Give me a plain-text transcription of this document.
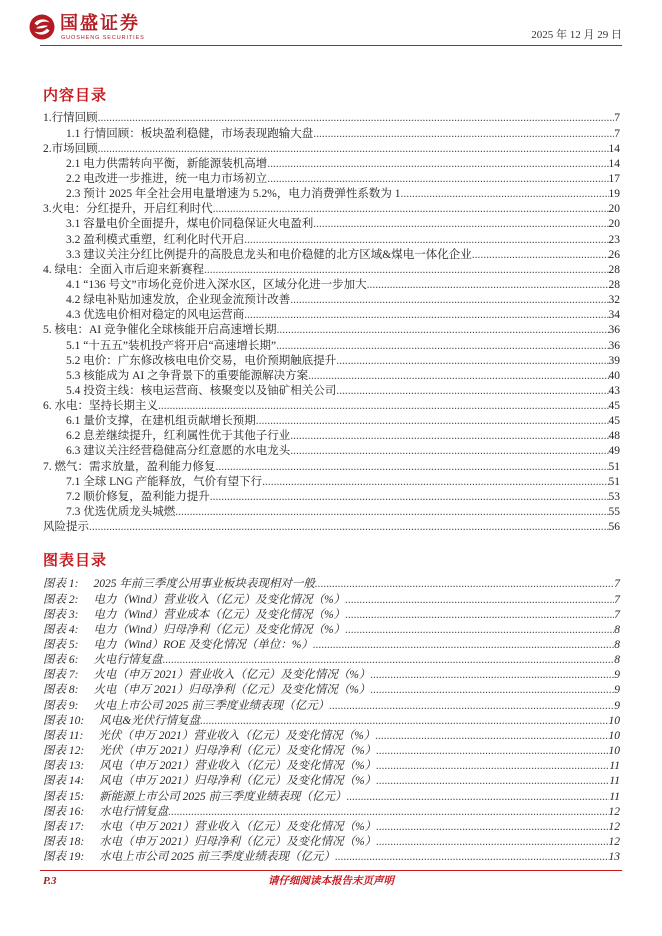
国盛证券
GUOSHENG SECURITIES	2025 年 12 月 29 日
内容目录
1.行情回顾 .....	7
1.1 行情回顾：板块盈利稳健，市场表现跑输大盘 .....	7
2.市场回顾 .....	14
2.1 电力供需转向平衡，新能源装机高增 .....	14
2.2 电改进一步推进，统一电力市场初立 .....	17
2.3 预计 2025 年全社会用电量增速为 5.2%，电力消费弹性系数为 1 .....	19
3.火电：分红提升，开启红利时代 .....	20
3.1 容量电价全面提升，煤电价同稳保证火电盈利 .....	20
3.2 盈利模式重塑，红利化时代开启 .....	23
3.3 建议关注分红比例提升的高股息龙头和电价稳健的北方区域&煤电一体化企业 .....	26
4. 绿电：全面入市后迎来新赛程 .....	28
4.1 “136 号文”市场化竞价进入深水区，区域分化进一步加大 .....	28
4.2 绿电补贴加速发放，企业现金流预计改善 .....	32
4.3 优选电价相对稳定的风电运营商 .....	34
5. 核电：AI 竞争催化全球核能开启高速增长期 .....	36
5.1 “十五五”装机投产将开启“高速增长期” .....	36
5.2 电价：广东修改核电电价交易，电价预期触底提升 .....	39
5.3 核能成为 AI 之争背景下的重要能源解决方案 .....	40
5.4 投资主线：核电运营商、核聚变以及铀矿相关公司 .....	43
6. 水电：坚持长期主义 .....	45
6.1 量价支撑，在建机组贡献增长预期 .....	45
6.2 息差继续提升，红利属性优于其他子行业 .....	48
6.3 建议关注经营稳健高分红意愿的水电龙头 .....	49
7. 燃气：需求放量，盈利能力修复 .....	51
7.1 全球 LNG 产能释放，气价有望下行 .....	51
7.2 顺价修复，盈利能力提升 .....	53
7.3 优选优质龙头城燃 .....	55
风险提示 .....	56
图表目录
图表 1: 2025 年前三季度公用事业板块表现相对一般 .....	7
图表 2: 电力（Wind）营业收入（亿元）及变化情况（%） .....	7
图表 3: 电力（Wind）营业成本（亿元）及变化情况（%） .....	7
图表 4: 电力（Wind）归母净利（亿元）及变化情况（%） .....	8
图表 5: 电力（Wind）ROE 及变化情况（单位：%） .....	8
图表 6: 火电行情复盘 .....	8
图表 7: 火电（申万 2021）营业收入（亿元）及变化情况（%） .....	9
图表 8: 火电（申万 2021）归母净利（亿元）及变化情况（%） .....	9
图表 9: 火电上市公司 2025 前三季度业绩表现（亿元） .....	9
图表 10: 风电&光伏行情复盘 .....	10
图表 11: 光伏（申万 2021）营业收入（亿元）及变化情况（%） .....	10
图表 12: 光伏（申万 2021）归母净利（亿元）及变化情况（%） .....	10
图表 13: 风电（申万 2021）营业收入（亿元）及变化情况（%） .....	11
图表 14: 风电（申万 2021）归母净利（亿元）及变化情况（%） .....	11
图表 15: 新能源上市公司 2025 前三季度业绩表现（亿元） .....	11
图表 16: 水电行情复盘 .....	12
图表 17: 水电（申万 2021）营业收入（亿元）及变化情况（%） .....	12
图表 18: 水电（申万 2021）归母净利（亿元）及变化情况（%） .....	12
图表 19: 水电上市公司 2025 前三季度业绩表现（亿元） .....	13
P.3	请仔细阅读本报告末页声明
